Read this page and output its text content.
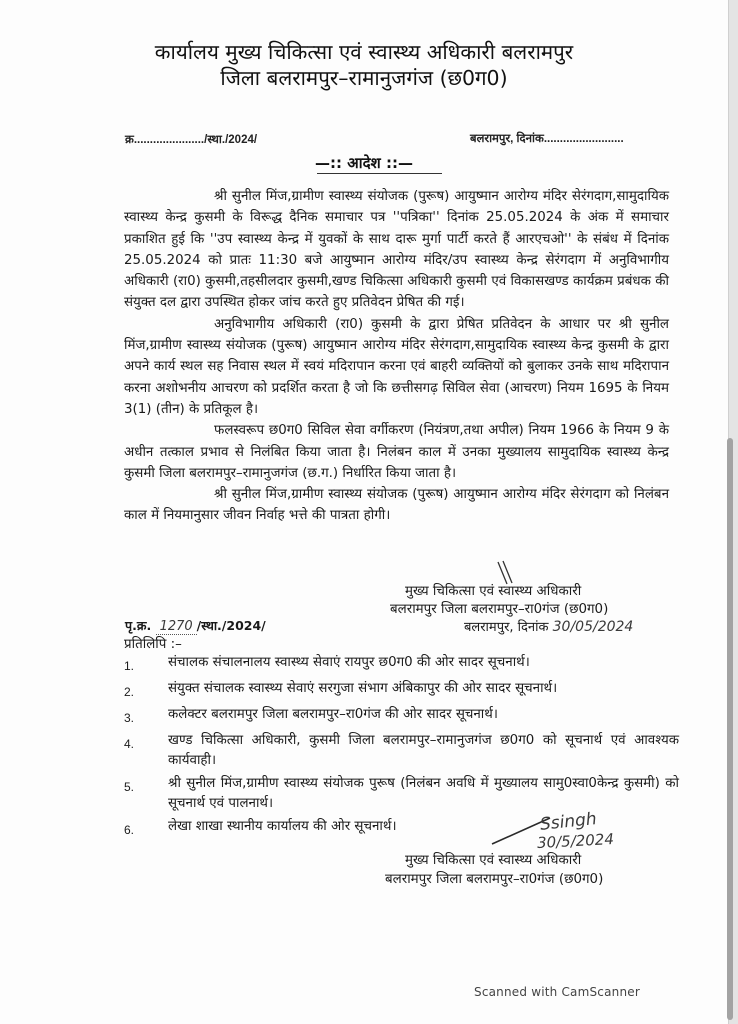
कार्यालय मुख्य चिकित्सा एवं स्वास्थ्य अधिकारी बलरामपुर
जिला बलरामपुर–रामानुजगंज (छ0ग0)
क्र....................../स्था./2024/	बलरामपुर, दिनांक.........................
—:: आदेश ::—

श्री सुनील मिंज,ग्रामीण स्वास्थ्य संयोजक (पुरूष) आयुष्मान आरोग्य मंदिर सेरंगदाग,सामुदायिक स्वास्थ्य केन्द्र कुसमी के विरूद्ध दैनिक समाचार पत्र ''पत्रिका'' दिनांक 25.05.2024 के अंक में समाचार प्रकाशित हुई कि ''उप स्वास्थ्य केन्द्र में युवकों के साथ दारू मुर्गा पार्टी करते हैं आरएचओ'' के संबंध में दिनांक 25.05.2024 को प्रातः 11:30 बजे आयुष्मान आरोग्य मंदिर/उप स्वास्थ्य केन्द्र सेरंगदाग में अनुविभागीय अधिकारी (रा0) कुसमी,तहसीलदार कुसमी,खण्ड चिकित्सा अधिकारी कुसमी एवं विकासखण्ड कार्यक्रम प्रबंधक की संयुक्त दल द्वारा उपस्थित होकर जांच करते हुए प्रतिवेदन प्रेषित की गई।

अनुविभागीय अधिकारी (रा0) कुसमी के द्वारा प्रेषित प्रतिवेदन के आधार पर श्री सुनील मिंज,ग्रामीण स्वास्थ्य संयोजक (पुरूष) आयुष्मान आरोग्य मंदिर सेरंगदाग,सामुदायिक स्वास्थ्य केन्द्र कुसमी के द्वारा अपने कार्य स्थल सह निवास स्थल में स्वयं मदिरापान करना एवं बाहरी व्यक्तियों को बुलाकर उनके साथ मदिरापान करना अशोभनीय आचरण को प्रदर्शित करता है जो कि छत्तीसगढ़ सिविल सेवा (आचरण) नियम 1695 के नियम 3(1) (तीन) के प्रतिकूल है।

फलस्वरूप छ0ग0 सिविल सेवा वर्गीकरण (नियंत्रण,तथा अपील) नियम 1966 के नियम 9 के अधीन तत्काल प्रभाव से निलंबित किया जाता है। निलंबन काल में उनका मुख्यालय सामुदायिक स्वास्थ्य केन्द्र कुसमी जिला बलरामपुर–रामानुजगंज (छ.ग.) निर्धारित किया जाता है।

श्री सुनील मिंज,ग्रामीण स्वास्थ्य संयोजक (पुरूष) आयुष्मान आरोग्य मंदिर सेरंगदाग को निलंबन काल में नियमानुसार जीवन निर्वाह भत्ते की पात्रता होगी।

मुख्य चिकित्सा एवं स्वास्थ्य अधिकारी
बलरामपुर जिला बलरामपुर–रा0गंज (छ0ग0)
पृ.क्र. 1270 /स्था./2024/	बलरामपुर, दिनांक 30/05/2024
प्रतिलिपि :–
1.	संचालक संचालनालय स्वास्थ्य सेवाएं रायपुर छ0ग0 की ओर सादर सूचनार्थ।
2.	संयुक्त संचालक स्वास्थ्य सेवाएं सरगुजा संभाग अंबिकापुर की ओर सादर सूचनार्थ।
3.	कलेक्टर बलरामपुर जिला बलरामपुर–रा0गंज की ओर सादर सूचनार्थ।
4.	खण्ड चिकित्सा अधिकारी, कुसमी जिला बलरामपुर–रामानुजगंज छ0ग0 को सूचनार्थ एवं आवश्यक कार्यवाही।
5.	श्री सुनील मिंज,ग्रामीण स्वास्थ्य संयोजक पुरूष (निलंबन अवधि में मुख्यालय सामु0स्वा0केन्द्र कुसमी) को सूचनार्थ एवं पालनार्थ।
6.	लेखा शाखा स्थानीय कार्यालय की ओर सूचनार्थ।	Ssingh
30/5/2024
मुख्य चिकित्सा एवं स्वास्थ्य अधिकारी
बलरामपुर जिला बलरामपुर–रा0गंज (छ0ग0)
Scanned with CamScanner
